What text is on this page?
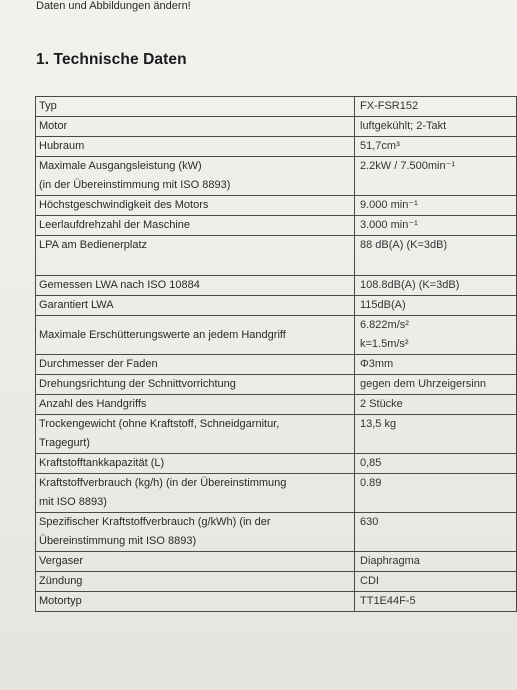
Daten und Abbildungen ändern!
1. Technische Daten
Typ	FX-FSR152
Motor	luftgekühlt; 2-Takt
Hubraum	51,7cm³

Maximale Ausgangsleistung (kW)
(in der Übereinstimmung mit ISO 8893)	2.2kW / 7.500min⁻¹
Höchstgeschwindigkeit des Motors	9.000 min⁻¹
Leerlaufdrehzahl der Maschine	3.000 min⁻¹

LPA am Bedienerplatz	88 dB(A) (K=3dB)
Gemessen LWA nach ISO 10884	108.8dB(A) (K=3dB)
Garantiert LWA	115dB(A)
Maximale Erschütterungswerte an jedem Handgriff	6.822m/s²
k=1.5m/s²

Durchmesser der Faden	Φ3mm
Drehungsrichtung der Schnittvorrichtung	gegen dem Uhrzeigersinn
Anzahl des Handgriffs	2 Stücke

Trockengewicht (ohne Kraftstoff, Schneidgarnitur,
Tragegurt)	13,5 kg
Kraftstofftankkapazität (L)	0,85

Kraftstoffverbrauch (kg/h) (in der Übereinstimmung
mit ISO 8893)	0.89

Spezifischer Kraftstoffverbrauch (g/kWh) (in der
Übereinstimmung mit ISO 8893)	630
Vergaser	Diaphragma
Zündung	CDI
Motortyp	TT1E44F-5
